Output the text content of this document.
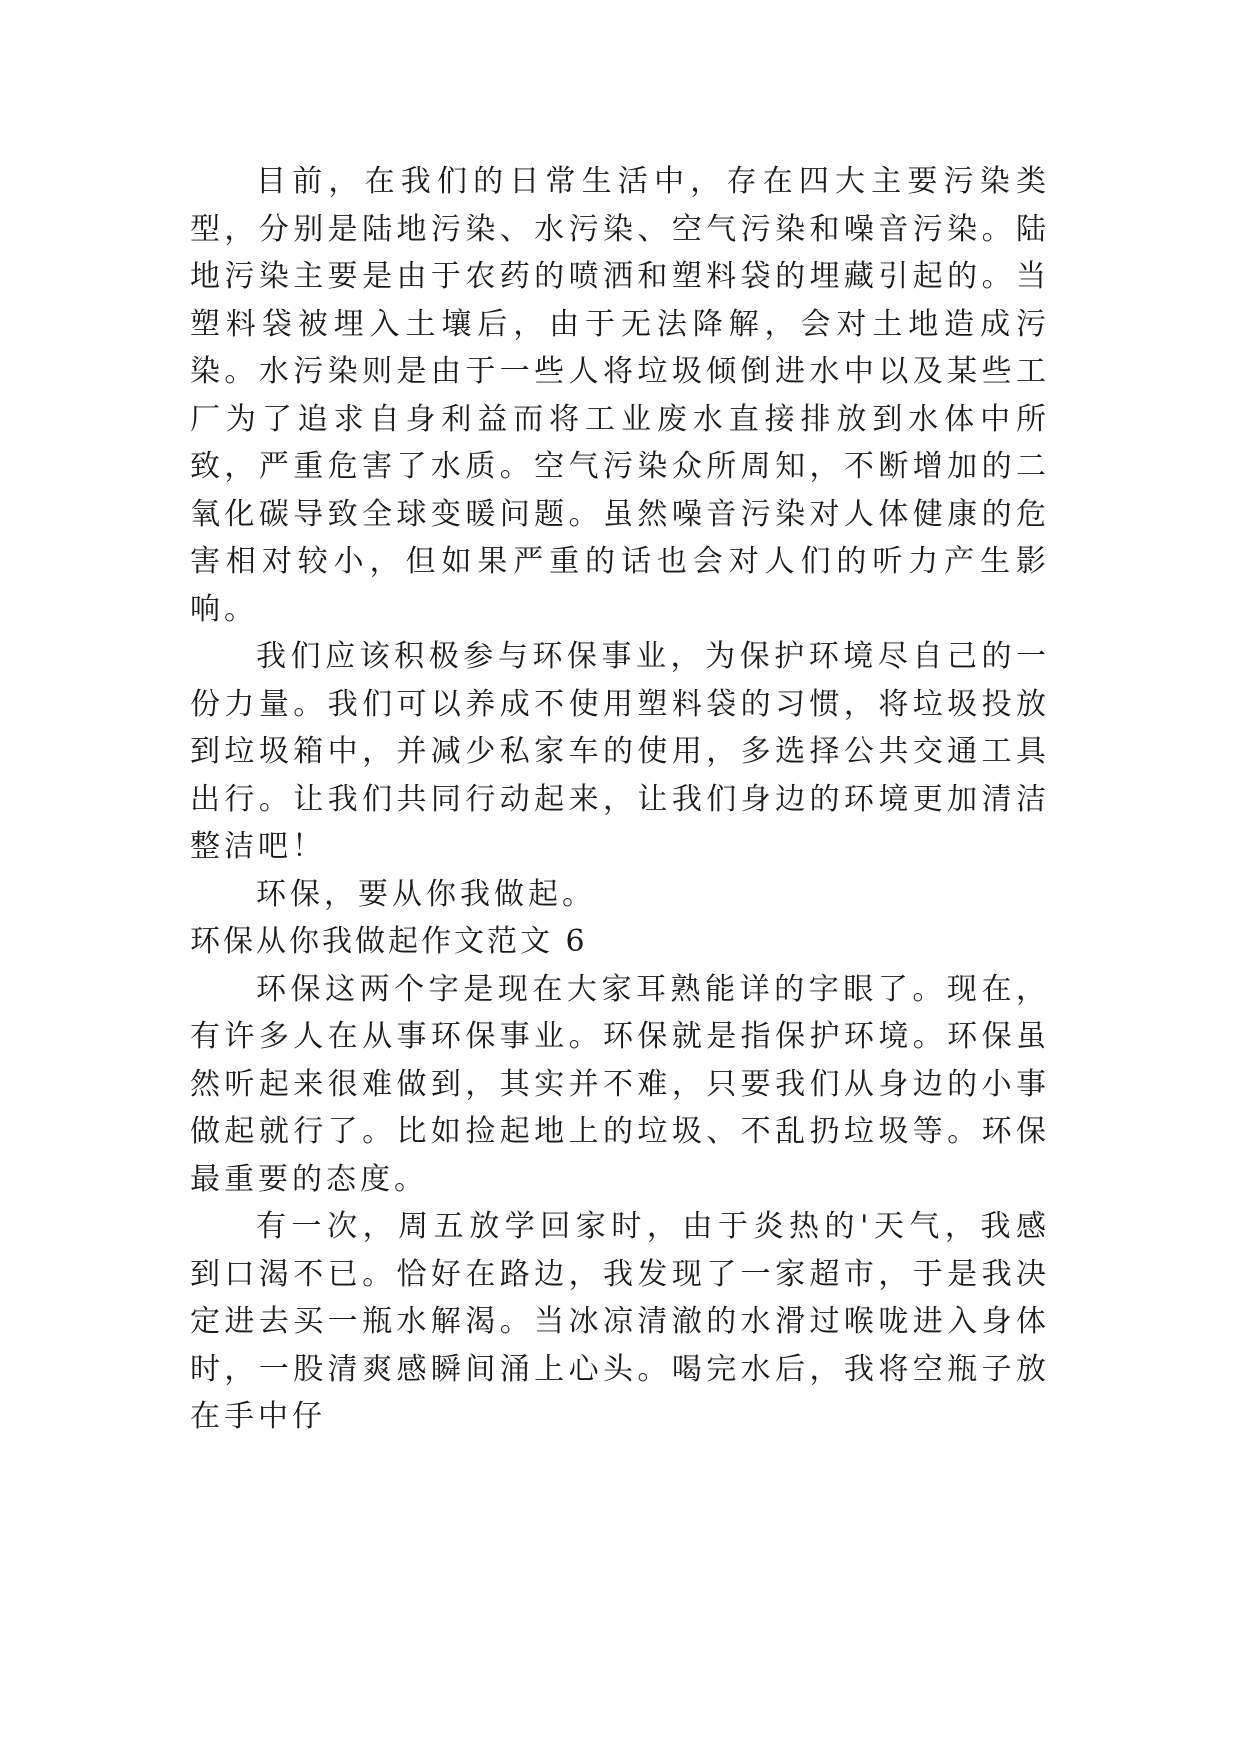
目前，在我们的日常生活中，存在四大主要污染类型，分别是陆地污染、水污染、空气污染和噪音污染。陆地污染主要是由于农药的喷洒和塑料袋的埋藏引起的。当塑料袋被埋入土壤后，由于无法降解，会对土地造成污染。水污染则是由于一些人将垃圾倾倒进水中以及某些工厂为了追求自身利益而将工业废水直接排放到水体中所致，严重危害了水质。空气污染众所周知，不断增加的二氧化碳导致全球变暖问题。虽然噪音污染对人体健康的危害相对较小，但如果严重的话也会对人们的听力产生影响。

我们应该积极参与环保事业，为保护环境尽自己的一份力量。我们可以养成不使用塑料袋的习惯，将垃圾投放到垃圾箱中，并减少私家车的使用，多选择公共交通工具出行。让我们共同行动起来，让我们身边的环境更加清洁整洁吧！

环保，要从你我做起。

环保从你我做起作文范文 6

环保这两个字是现在大家耳熟能详的字眼了。现在，有许多人在从事环保事业。环保就是指保护环境。环保虽然听起来很难做到，其实并不难，只要我们从身边的小事做起就行了。比如捡起地上的垃圾、不乱扔垃圾等。环保最重要的态度。

有一次，周五放学回家时，由于炎热的'天气，我感到口渴不已。恰好在路边，我发现了一家超市，于是我决定进去买一瓶水解渴。当冰凉清澈的水滑过喉咙进入身体时，一股清爽感瞬间涌上心头。喝完水后，我将空瓶子放在手中仔
